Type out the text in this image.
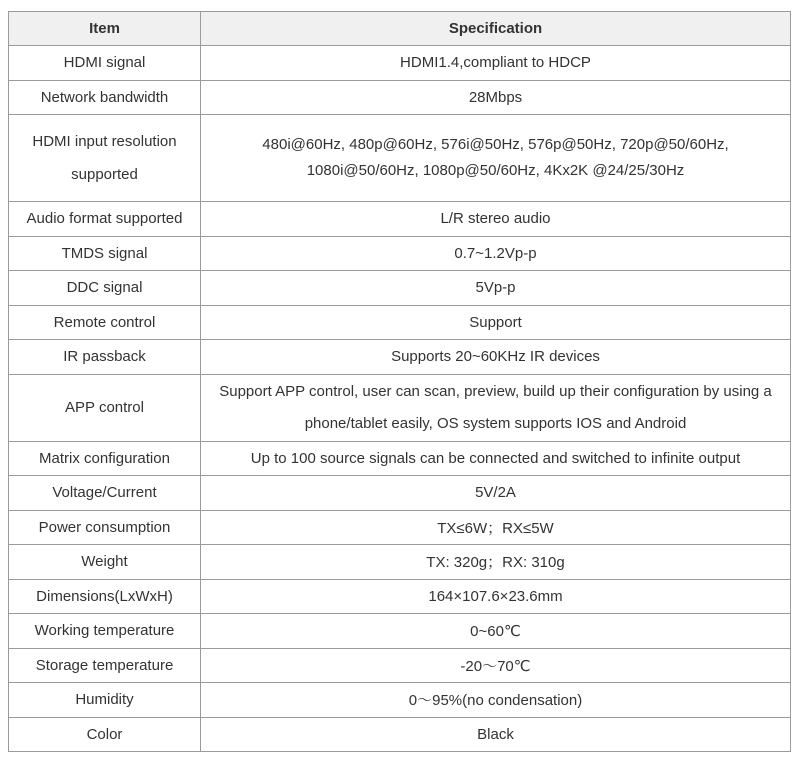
Item	Specification
HDMI signal	HDMI1.4,compliant to HDCP
Network bandwidth	28Mbps
HDMI input resolution supported	480i@60Hz, 480p@60Hz, 576i@50Hz, 576p@50Hz, 720p@50/60Hz, 1080i@50/60Hz, 1080p@50/60Hz, 4Kx2K @24/25/30Hz
Audio format supported	L/R stereo audio
TMDS signal	0.7~1.2Vp-p
DDC signal	5Vp-p
Remote control	Support
IR passback	Supports 20~60KHz IR devices
APP control	Support APP control, user can scan, preview, build up their configuration by using a phone/tablet easily, OS system supports IOS and Android
Matrix configuration	Up to 100 source signals can be connected and switched to infinite output
Voltage/Current	5V/2A
Power consumption	TX≤6W；RX≤5W
Weight	TX: 320g；RX: 310g
Dimensions(LxWxH)	164×107.6×23.6mm
Working temperature	0~60℃
Storage temperature	-20～70℃
Humidity	0～95%(no condensation)
Color	Black
